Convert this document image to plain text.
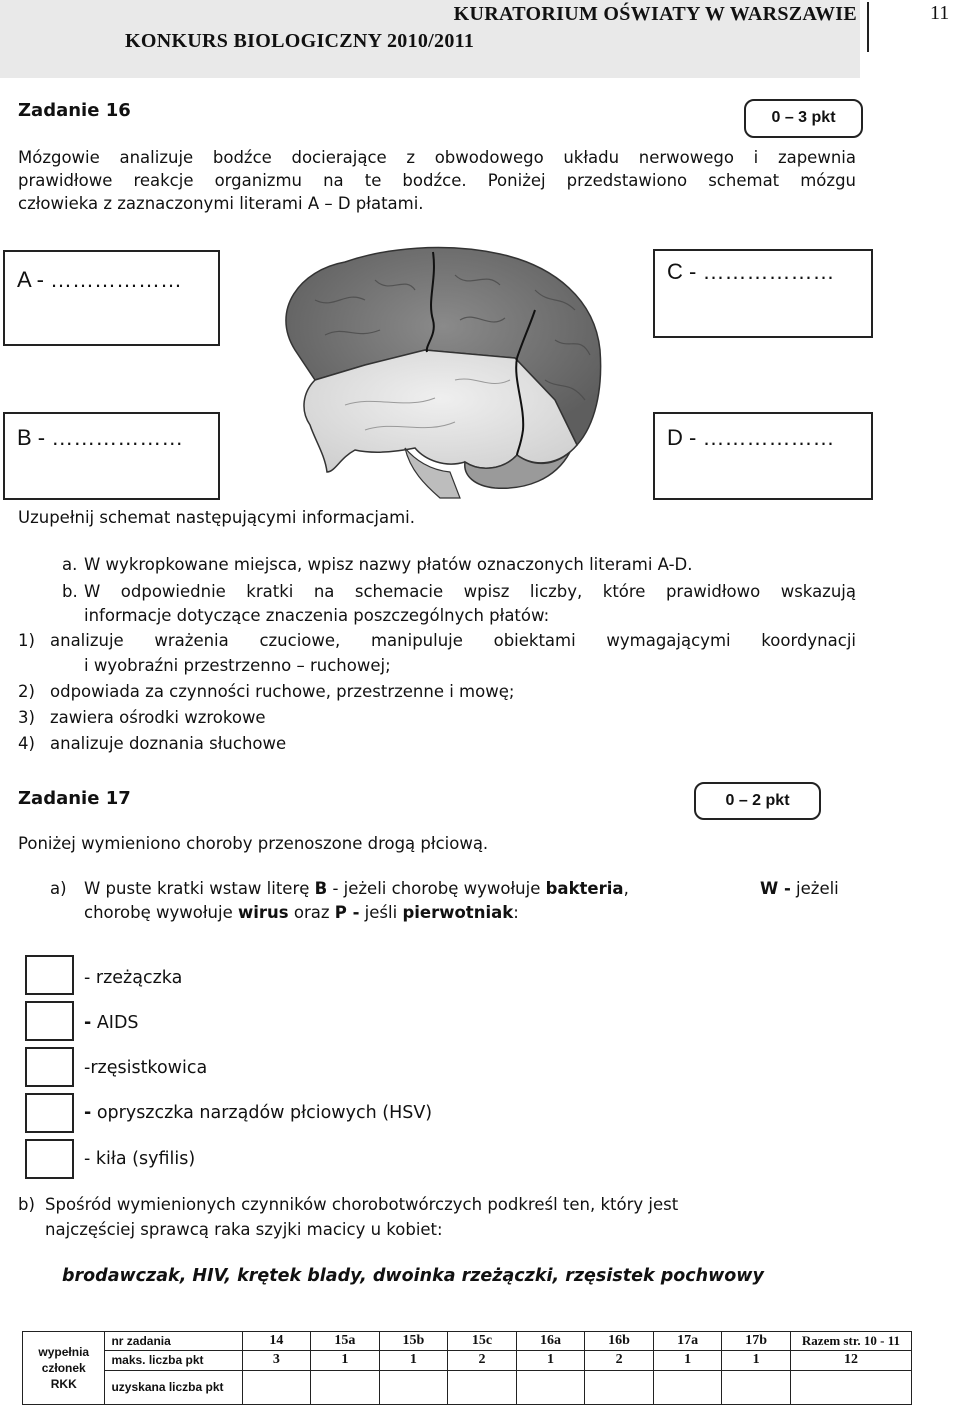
KURATORIUM OŚWIATY W WARSZAWIE
KONKURS BIOLOGICZNY 2010/2011
11
Zadanie 16	0 – 3 pkt
Mózgowie analizuje bodźce docierające z obwodowego układu nerwowego i zapewnia
prawidłowe reakcje organizmu na te bodźce. Poniżej przedstawiono schemat mózgu
człowieka z zaznaczonymi literami A – D płatami.
A - ………………	C - ………………
B - ………………	D - ………………
Uzupełnij schemat następującymi informacjami.
a. W wykropkowane miejsca, wpisz nazwy płatów oznaczonych literami A-D.
b. W odpowiednie kratki na schemacie wpisz liczby, które prawidłowo wskazują
informacje dotyczące znaczenia poszczególnych płatów:
1) analizuje wrażenia czuciowe, manipuluje obiektami wymagającymi koordynacji
i wyobraźni przestrzenno – ruchowej;
2) odpowiada za czynności ruchowe, przestrzenne i mowę;
3) zawiera ośrodki wzrokowe
4) analizuje doznania słuchowe
Zadanie 17	0 – 2 pkt
Poniżej wymieniono choroby przenoszone drogą płciową.
a) W puste kratki wstaw literę B - jeżeli chorobę wywołuje bakteria,	W - jeżeli
chorobę wywołuje wirus oraz P - jeśli pierwotniak:
- rzeżączka
- AIDS
-rzęsistkowica
- opryszczka narządów płciowych (HSV)
- kiła (syfilis)
b) Spośród wymienionych czynników chorobotwórczych podkreśl ten, który jest
najczęściej sprawcą raka szyjki macicy u kobiet:
brodawczak, HIV, krętek blady, dwoinka rzeżączki, rzęsistek pochwowy
wypełnia
członek
RKK	nr zadania	14	15a	15b	15c	16a	16b	17a	17b	Razem str. 10 - 11
	maks. liczba pkt	3	1	1	2	1	2	1	1	12
	uzyskana liczba pkt									
